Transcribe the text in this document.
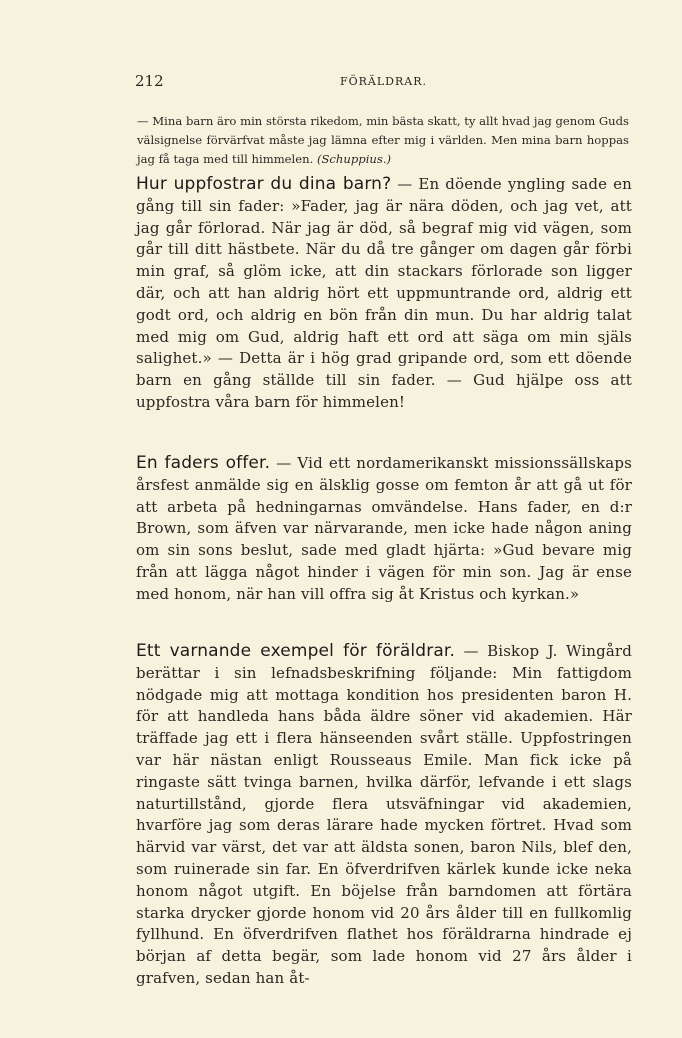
212	FÖRÄLDRAR.

— Mina barn äro min största rikedom, min bästa skatt, ty allt hvad jag genom Guds välsignelse förvärfvat måste jag lämna efter mig i världen. Men mina barn hoppas jag få taga med till himmelen. (Schuppius.)

Hur uppfostrar du dina barn? — En döende yngling sade en gång till sin fader: »Fader, jag är nära döden, och jag vet, att jag går förlorad. När jag är död, så begraf mig vid vägen, som går till ditt hästbete. När du då tre gånger om dagen går förbi min graf, så glöm icke, att din stackars förlorade son ligger där, och att han aldrig hört ett uppmuntrande ord, aldrig ett godt ord, och aldrig en bön från din mun. Du har aldrig talat med mig om Gud, aldrig haft ett ord att säga om min själs salighet.» — Detta är i hög grad gripande ord, som ett döende barn en gång ställde till sin fader. — Gud hjälpe oss att uppfostra våra barn för himmelen!

En faders offer. — Vid ett nordamerikanskt missionssällskaps årsfest anmälde sig en älsklig gosse om femton år att gå ut för att arbeta på hedningarnas omvändelse. Hans fader, en d:r Brown, som äfven var närvarande, men icke hade någon aning om sin sons beslut, sade med gladt hjärta: »Gud bevare mig från att lägga något hinder i vägen för min son. Jag är ense med honom, när han vill offra sig åt Kristus och kyrkan.»

Ett varnande exempel för föräldrar. — Biskop J. Wingård berättar i sin lefnadsbeskrifning följande: Min fattigdom nödgade mig att mottaga kondition hos presidenten baron H. för att handleda hans båda äldre söner vid akademien. Här träffade jag ett i flera hänseenden svårt ställe. Uppfostringen var här nästan enligt Rousseaus Emile. Man fick icke på ringaste sätt tvinga barnen, hvilka därför, lefvande i ett slags naturtillstånd, gjorde flera utsväfningar vid akademien, hvarföre jag som deras lärare hade mycken förtret. Hvad som härvid var värst, det var att äldsta sonen, baron Nils, blef den, som ruinerade sin far. En öfverdrifven kärlek kunde icke neka honom något utgift. En böjelse från barndomen att förtära starka drycker gjorde honom vid 20 års ålder till en fullkomlig fyllhund. En öfverdrifven flathet hos föräldrarna hindrade ej början af detta begär, som lade honom vid 27 års ålder i grafven, sedan han åt-
